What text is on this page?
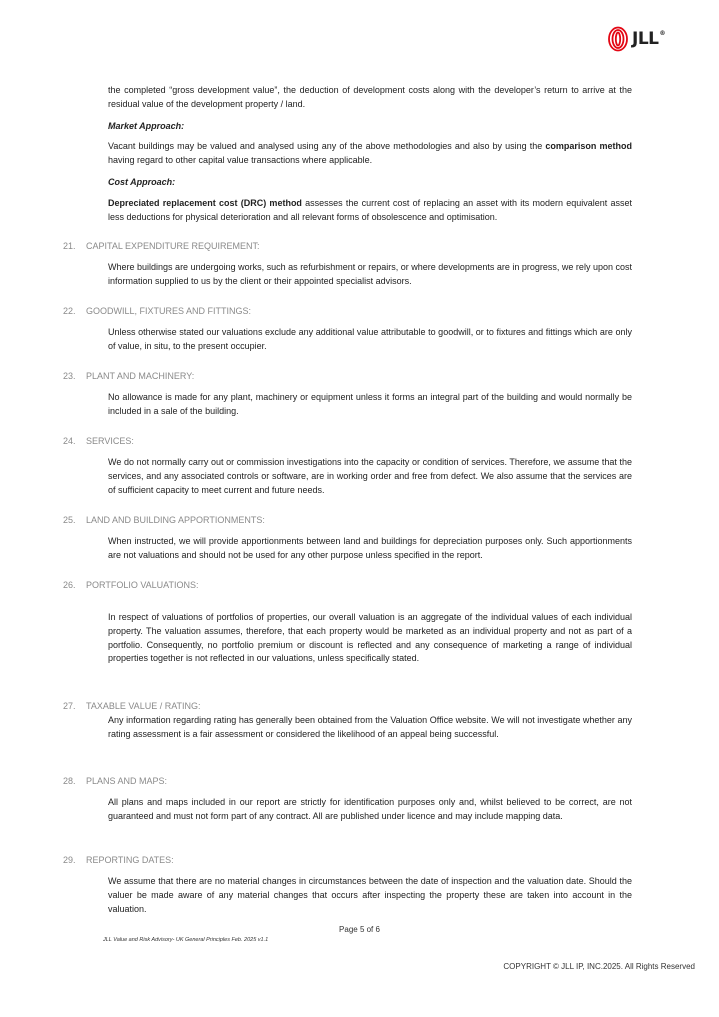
JLL®

the completed “gross development value”, the deduction of development costs along with the developer’s return to arrive at the residual value of the development property / land.

Market Approach:

Vacant buildings may be valued and analysed using any of the above methodologies and also by using the comparison method having regard to other capital value transactions where applicable.

Cost Approach:

Depreciated replacement cost (DRC) method assesses the current cost of replacing an asset with its modern equivalent asset less deductions for physical deterioration and all relevant forms of obsolescence and optimisation.

21. CAPITAL EXPENDITURE REQUIREMENT:

Where buildings are undergoing works, such as refurbishment or repairs, or where developments are in progress, we rely upon cost information supplied to us by the client or their appointed specialist advisors.

22. GOODWILL, FIXTURES AND FITTINGS:

Unless otherwise stated our valuations exclude any additional value attributable to goodwill, or to fixtures and fittings which are only of value, in situ, to the present occupier.

23. PLANT AND MACHINERY:

No allowance is made for any plant, machinery or equipment unless it forms an integral part of the building and would normally be included in a sale of the building.

24. SERVICES:

We do not normally carry out or commission investigations into the capacity or condition of services. Therefore, we assume that the services, and any associated controls or software, are in working order and free from defect. We also assume that the services are of sufficient capacity to meet current and future needs.

25. LAND AND BUILDING APPORTIONMENTS:

When instructed, we will provide apportionments between land and buildings for depreciation purposes only. Such apportionments are not valuations and should not be used for any other purpose unless specified in the report.

26. PORTFOLIO VALUATIONS:

In respect of valuations of portfolios of properties, our overall valuation is an aggregate of the individual values of each individual property. The valuation assumes, therefore, that each property would be marketed as an individual property and not as part of a portfolio. Consequently, no portfolio premium or discount is reflected and any consequence of marketing a range of individual properties together is not reflected in our valuations, unless specifically stated.

27. TAXABLE VALUE / RATING:

Any information regarding rating has generally been obtained from the Valuation Office website. We will not investigate whether any rating assessment is a fair assessment or considered the likelihood of an appeal being successful.

28. PLANS AND MAPS:

All plans and maps included in our report are strictly for identification purposes only and, whilst believed to be correct, are not guaranteed and must not form part of any contract. All are published under licence and may include mapping data.

29. REPORTING DATES:

We assume that there are no material changes in circumstances between the date of inspection and the valuation date. Should the valuer be made aware of any material changes that occurs after inspecting the property these are taken into account in the valuation.

Page 5 of 6
JLL Value and Risk Advisory- UK General Principles Feb. 2025 v1.1
COPYRIGHT © JLL IP, INC.2025. All Rights Reserved
